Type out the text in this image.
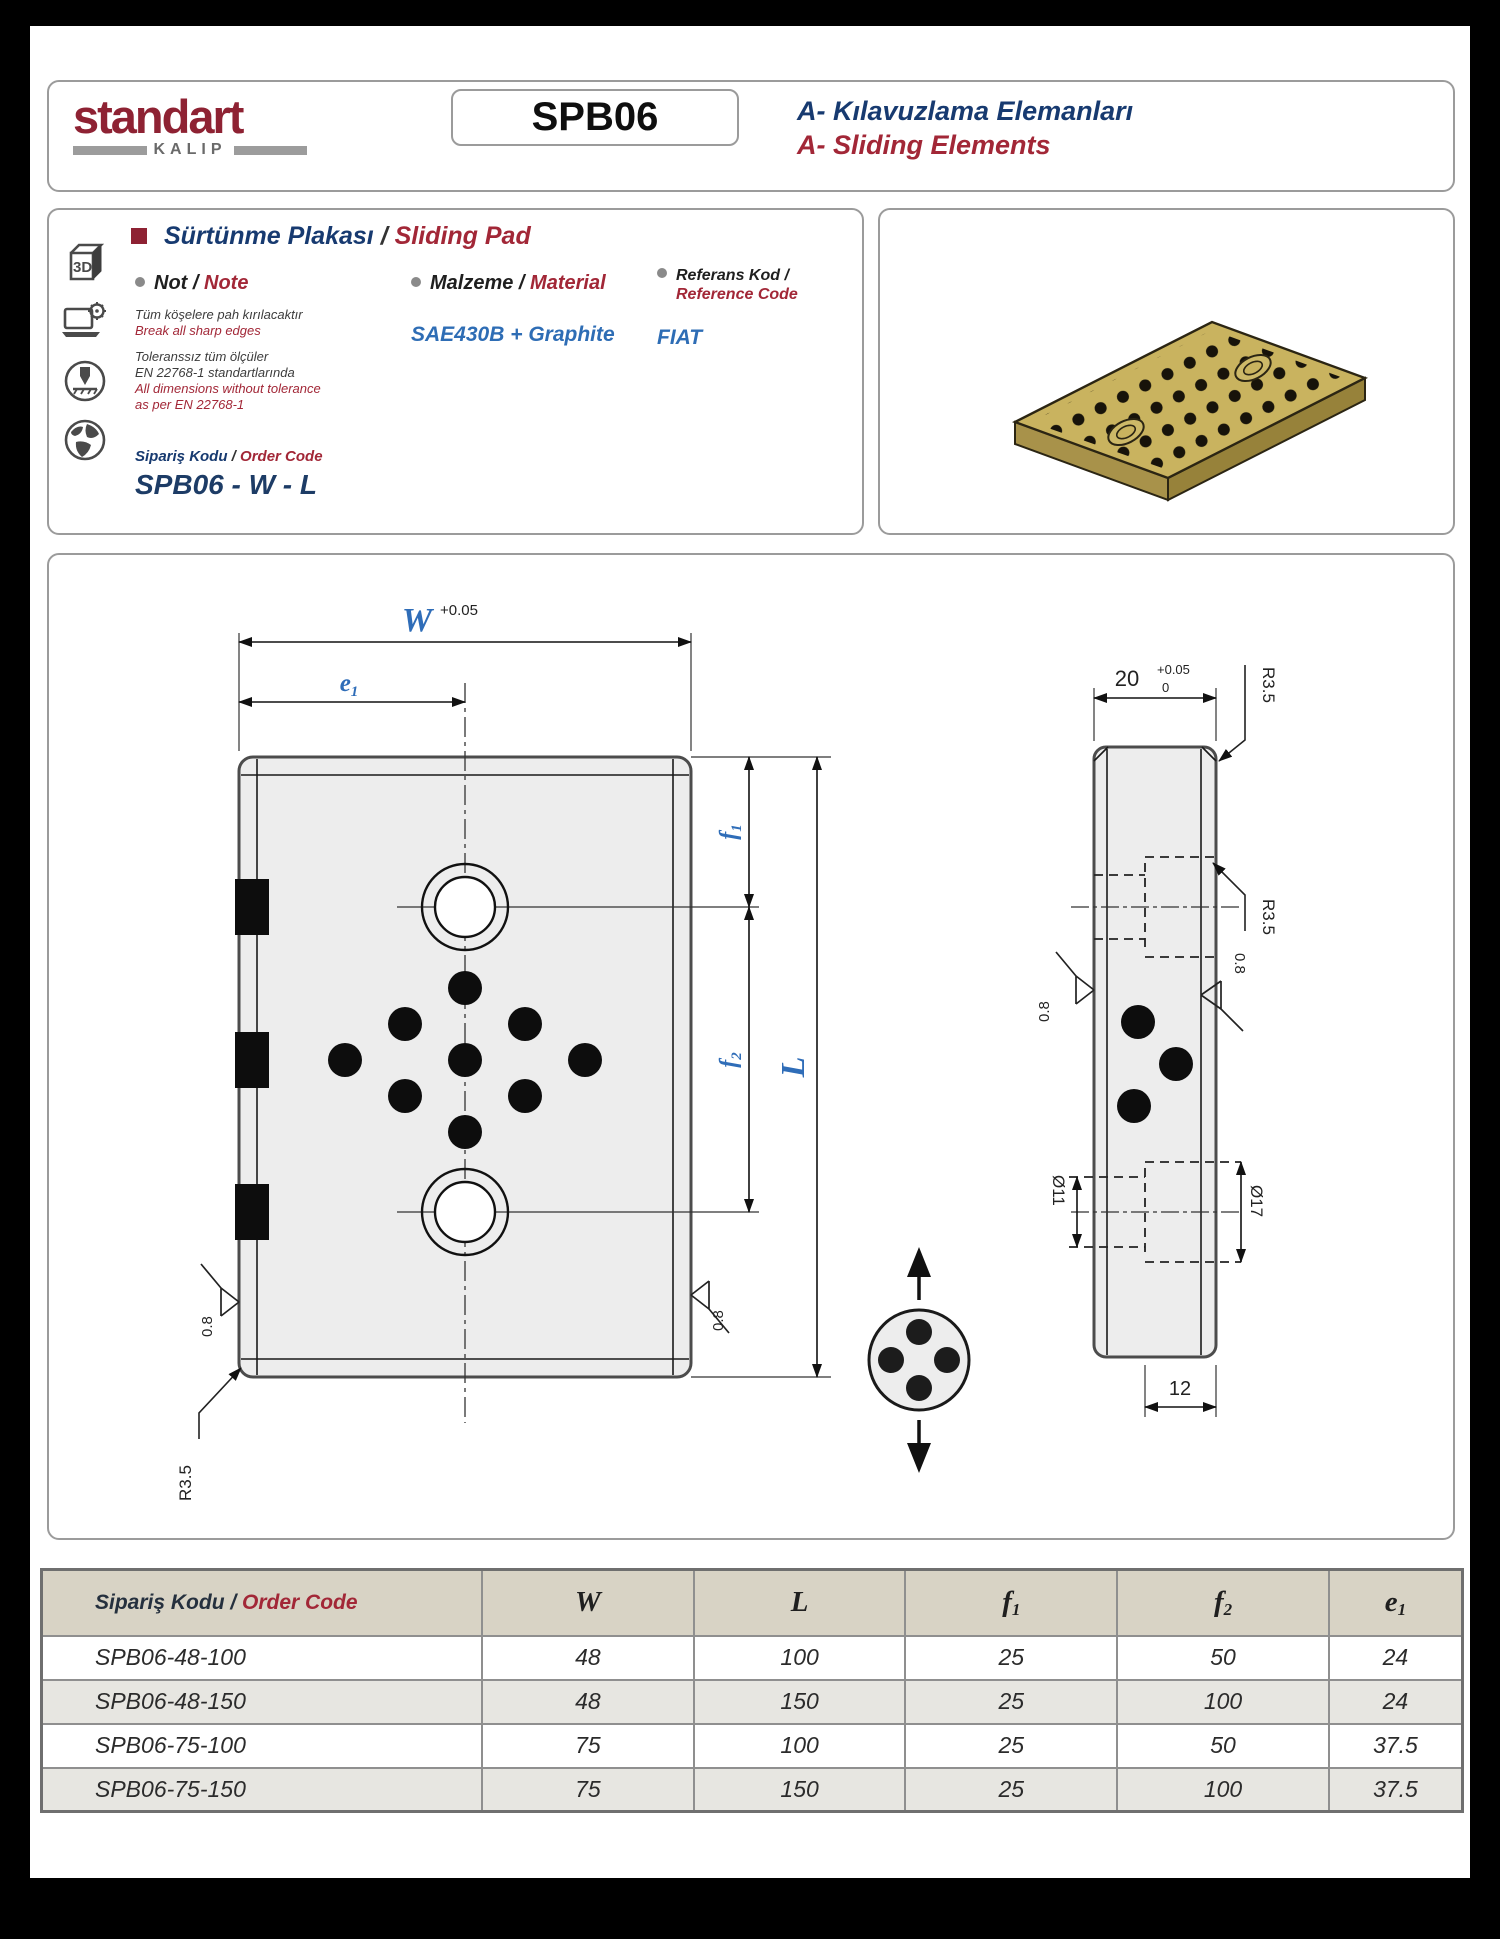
standart
KALIP
SPB06	A- Kılavuzlama Elemanları
A- Sliding Elements
3D
Sürtünme Plakası / Sliding Pad
Not / Note
Tüm köşelere pah kırılacaktır
Break all sharp edges
Toleranssız tüm ölçüler
EN 22768-1 standartlarında
All dimensions without tolerance
as per EN 22768-1
Malzeme / Material
SAE430B + Graphite
Referans Kod /
Reference Code
FIAT
Sipariş Kodu / Order Code
SPB06 - W - L
W +0.05
e1
f1
f2
L
0.8	0.8
R3.5
20 +0.05
0	R3.5
R3.5
0.8
0.8
Ø11	Ø17
12
Sipariş Kodu / Order Code	W	L	$f_1$	$f_2$	$e_1$
SPB06-48-100	48	100	25	50	24
SPB06-48-150	48	150	25	100	24
SPB06-75-100	75	100	25	50	37.5
SPB06-75-150	75	150	25	100	37.5
